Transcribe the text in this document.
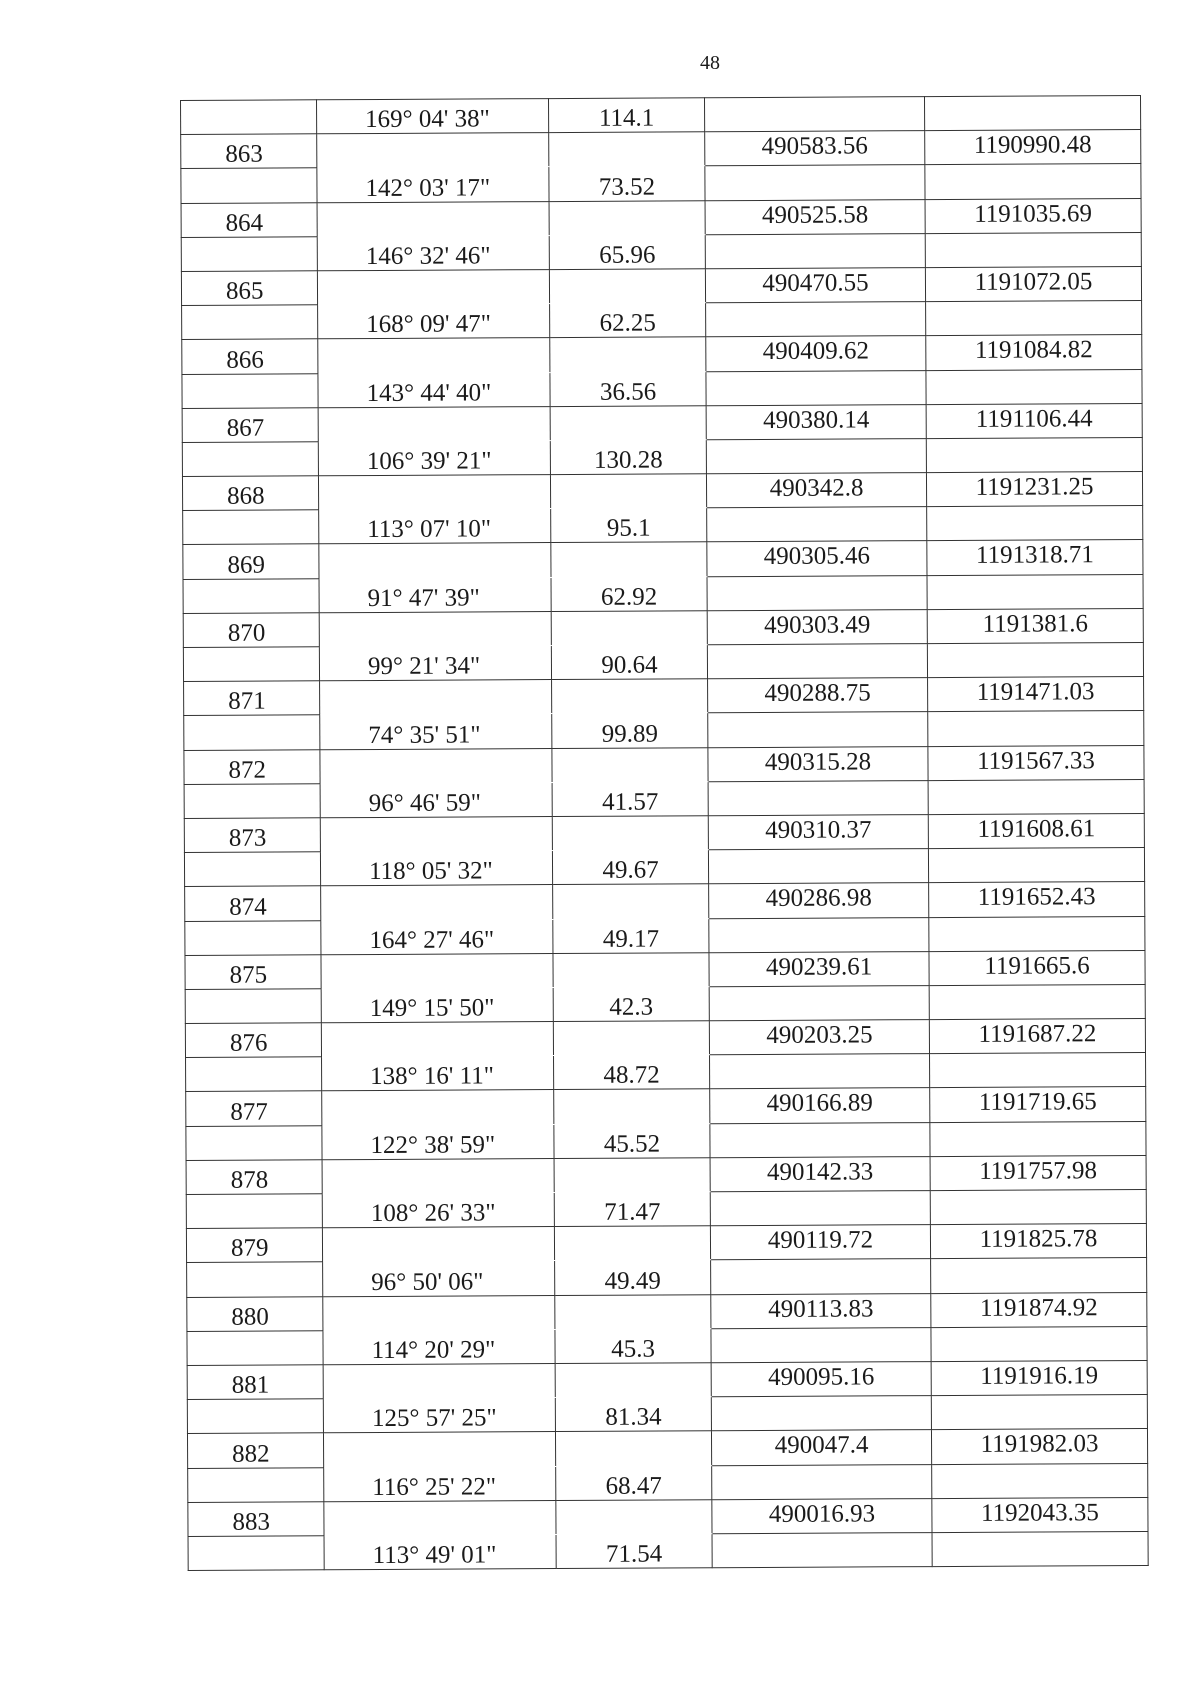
48
	169° 04' 38"	114.1		
863			490583.56	1190990.48
	142° 03' 17"	73.52		
864			490525.58	1191035.69
	146° 32' 46"	65.96		
865			490470.55	1191072.05
	168° 09' 47"	62.25		
866			490409.62	1191084.82
	143° 44' 40"	36.56		
867			490380.14	1191106.44
	106° 39' 21"	130.28		
868			490342.8	1191231.25
	113° 07' 10"	95.1		
869			490305.46	1191318.71
	91° 47' 39"	62.92		
870			490303.49	1191381.6
	99° 21' 34"	90.64		
871			490288.75	1191471.03
	74° 35' 51"	99.89		
872			490315.28	1191567.33
	96° 46' 59"	41.57		
873			490310.37	1191608.61
	118° 05' 32"	49.67		
874			490286.98	1191652.43
	164° 27' 46"	49.17		
875			490239.61	1191665.6
	149° 15' 50"	42.3		
876			490203.25	1191687.22
	138° 16' 11"	48.72		
877			490166.89	1191719.65
	122° 38' 59"	45.52		
878			490142.33	1191757.98
	108° 26' 33"	71.47		
879			490119.72	1191825.78
	96° 50' 06"	49.49		
880			490113.83	1191874.92
	114° 20' 29"	45.3		
881			490095.16	1191916.19
	125° 57' 25"	81.34		
882			490047.4	1191982.03
	116° 25' 22"	68.47		
883			490016.93	1192043.35
	113° 49' 01"	71.54		
